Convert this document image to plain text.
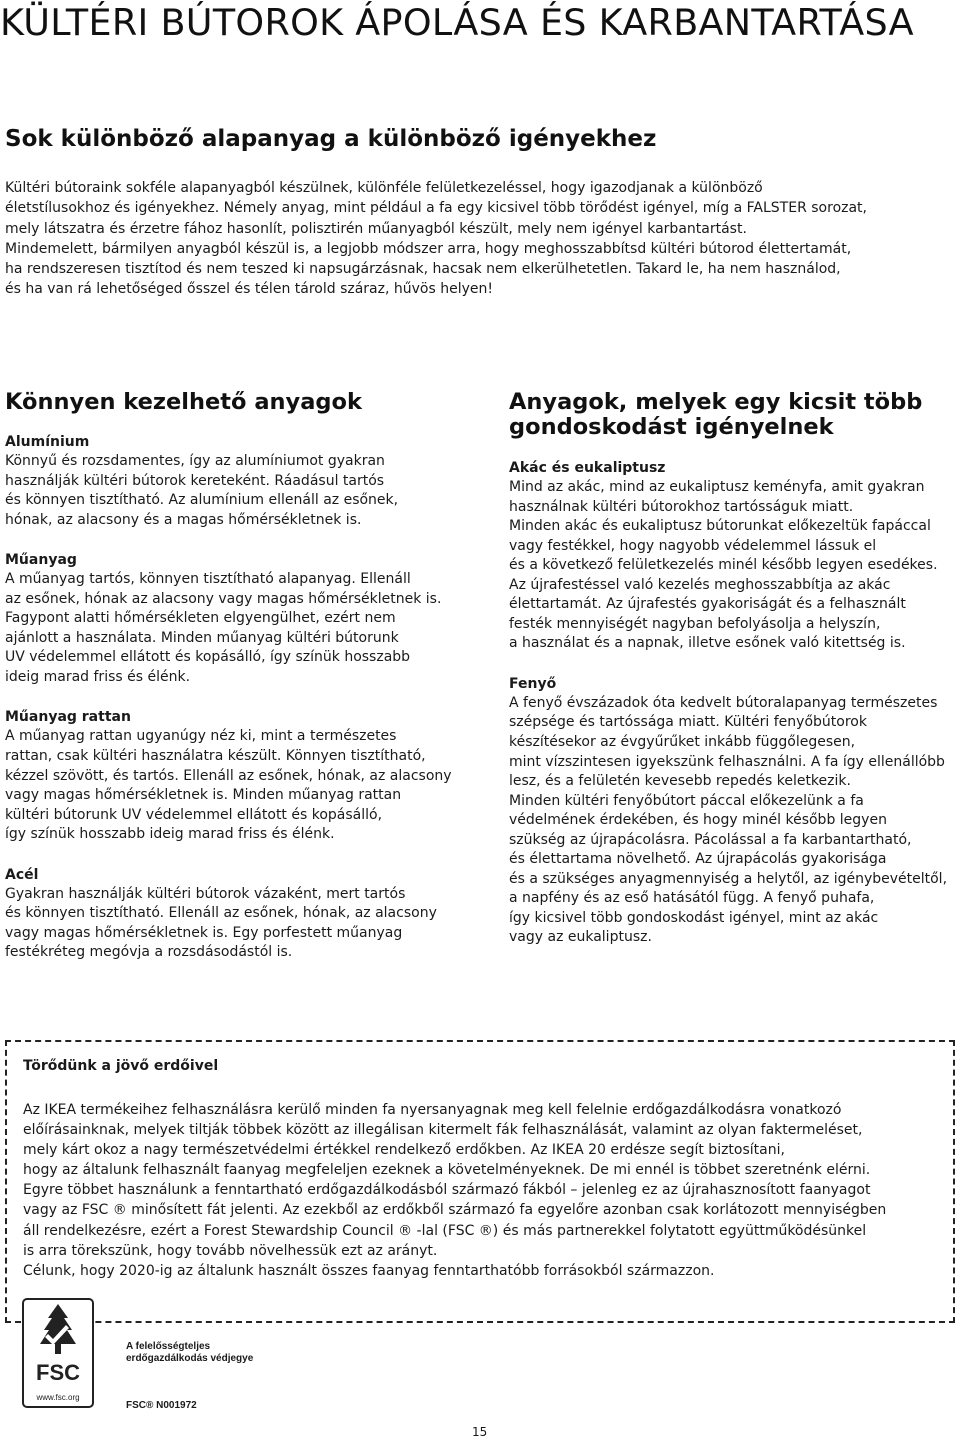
KÜLTÉRI BÚTOROK ÁPOLÁSA ÉS KARBANTARTÁSA
Sok különböző alapanyag a különböző igényekhez

Kültéri bútoraink sokféle alapanyagból készülnek, különféle felületkezeléssel, hogy igazodjanak a különböző

életstílusokhoz és igényekhez. Némely anyag, mint például a fa egy kicsivel több törődést igényel, míg a FALSTER sorozat,

mely látszatra és érzetre fához hasonlít, polisztirén műanyagból készült, mely nem igényel karbantartást.

Mindemelett, bármilyen anyagból készül is, a legjobb módszer arra, hogy meghosszabbítsd kültéri bútorod élettertamát,

ha rendszeresen tisztítod és nem teszed ki napsugárzásnak, hacsak nem elkerülhetetlen. Takard le, ha nem használod,

és ha van rá lehetőséged ősszel és télen tárold száraz, hűvös helyen!

Könnyen kezelhető anyagok
Alumínium

Könnyű és rozsdamentes, így az alumíniumot gyakran

használják kültéri bútorok kereteként. Ráadásul tartós

és könnyen tisztítható. Az alumínium ellenáll az esőnek,

hónak, az alacsony és a magas hőmérsékletnek is.

Műanyag

A műanyag tartós, könnyen tisztítható alapanyag. Ellenáll

az esőnek, hónak az alacsony vagy magas hőmérsékletnek is.

Fagypont alatti hőmérsékleten elgyengülhet, ezért nem

ajánlott a használata. Minden műanyag kültéri bútorunk

UV védelemmel ellátott és kopásálló, így színük hosszabb

ideig marad friss és élénk.

Műanyag rattan

A műanyag rattan ugyanúgy néz ki, mint a természetes

rattan, csak kültéri használatra készült. Könnyen tisztítható,

kézzel szövött, és tartós. Ellenáll az esőnek, hónak, az alacsony

vagy magas hőmérsékletnek is. Minden műanyag rattan

kültéri bútorunk UV védelemmel ellátott és kopásálló,

így színük hosszabb ideig marad friss és élénk.

Acél

Gyakran használják kültéri bútorok vázaként, mert tartós

és könnyen tisztítható. Ellenáll az esőnek, hónak, az alacsony

vagy magas hőmérsékletnek is. Egy porfestett műanyag

festékréteg megóvja a rozsdásodástól is.

Anyagok, melyek egy kicsit több
gondoskodást igényelnek
Akác és eukaliptusz

Mind az akác, mind az eukaliptusz keményfa, amit gyakran

használnak kültéri bútorokhoz tartósságuk miatt.

Minden akác és eukaliptusz bútorunkat előkezeltük fapáccal

vagy festékkel, hogy nagyobb védelemmel lássuk el

és a következő felületkezelés minél később legyen esedékes.

Az újrafestéssel való kezelés meghosszabbítja az akác

élettartamát. Az újrafestés gyakoriságát és a felhasznált

festék mennyiségét nagyban befolyásolja a helyszín,

a használat és a napnak, illetve esőnek való kitettség is.

Fenyő

A fenyő évszázadok óta kedvelt bútoralapanyag természetes

szépsége és tartóssága miatt. Kültéri fenyőbútorok

készítésekor az évgyűrűket inkább függőlegesen,

mint vízszintesen igyekszünk felhasználni. A fa így ellenállóbb

lesz, és a felületén kevesebb repedés keletkezik.

Minden kültéri fenyőbútort páccal előkezelünk a fa

védelmének érdekében, és hogy minél később legyen

szükség az újrapácolásra. Pácolással a fa karbantartható,

és élettartama növelhető. Az újrapácolás gyakorisága

és a szükséges anyagmennyiség a helytől, az igénybevételtől,

a napfény és az eső hatásától függ. A fenyő puhafa,

így kicsivel több gondoskodást igényel, mint az akác

vagy az eukaliptusz.

Törődünk a jövő erdőivel

Az IKEA termékeihez felhasználásra kerülő minden fa nyersanyagnak meg kell felelnie erdőgazdálkodásra vonatkozó
előírásainknak, melyek tiltják többek között az illegálisan kitermelt fák felhasználását, valamint az olyan faktermeléset,
mely kárt okoz a nagy természetvédelmi értékkel rendelkező erdőkben. Az IKEA 20 erdésze segít biztosítani,
hogy az általunk felhasznált faanyag megfeleljen ezeknek a követelményeknek. De mi ennél is többet szeretnénk elérni.
Egyre többet használunk a fenntartható erdőgazdálkodásból származó fákból – jelenleg ez az újrahasznosított faanyagot
vagy az FSC ® minősített fát jelenti. Az ezekből az erdőkből származó fa egyelőre azonban csak korlátozott mennyiségben
áll rendelkezésre, ezért a Forest Stewardship Council ® -lal (FSC ®) és más partnerekkel folytatott együttműködésünkel
is arra törekszünk, hogy tovább növelhessük ezt az arányt.
Célunk, hogy 2020-ig az általunk használt összes faanyag fenntarthatóbb forrásokból származzon.

FSC
www.fsc.org
A felelősségteljes
erdőgazdálkodás védjegye
FSC® N001972
15
